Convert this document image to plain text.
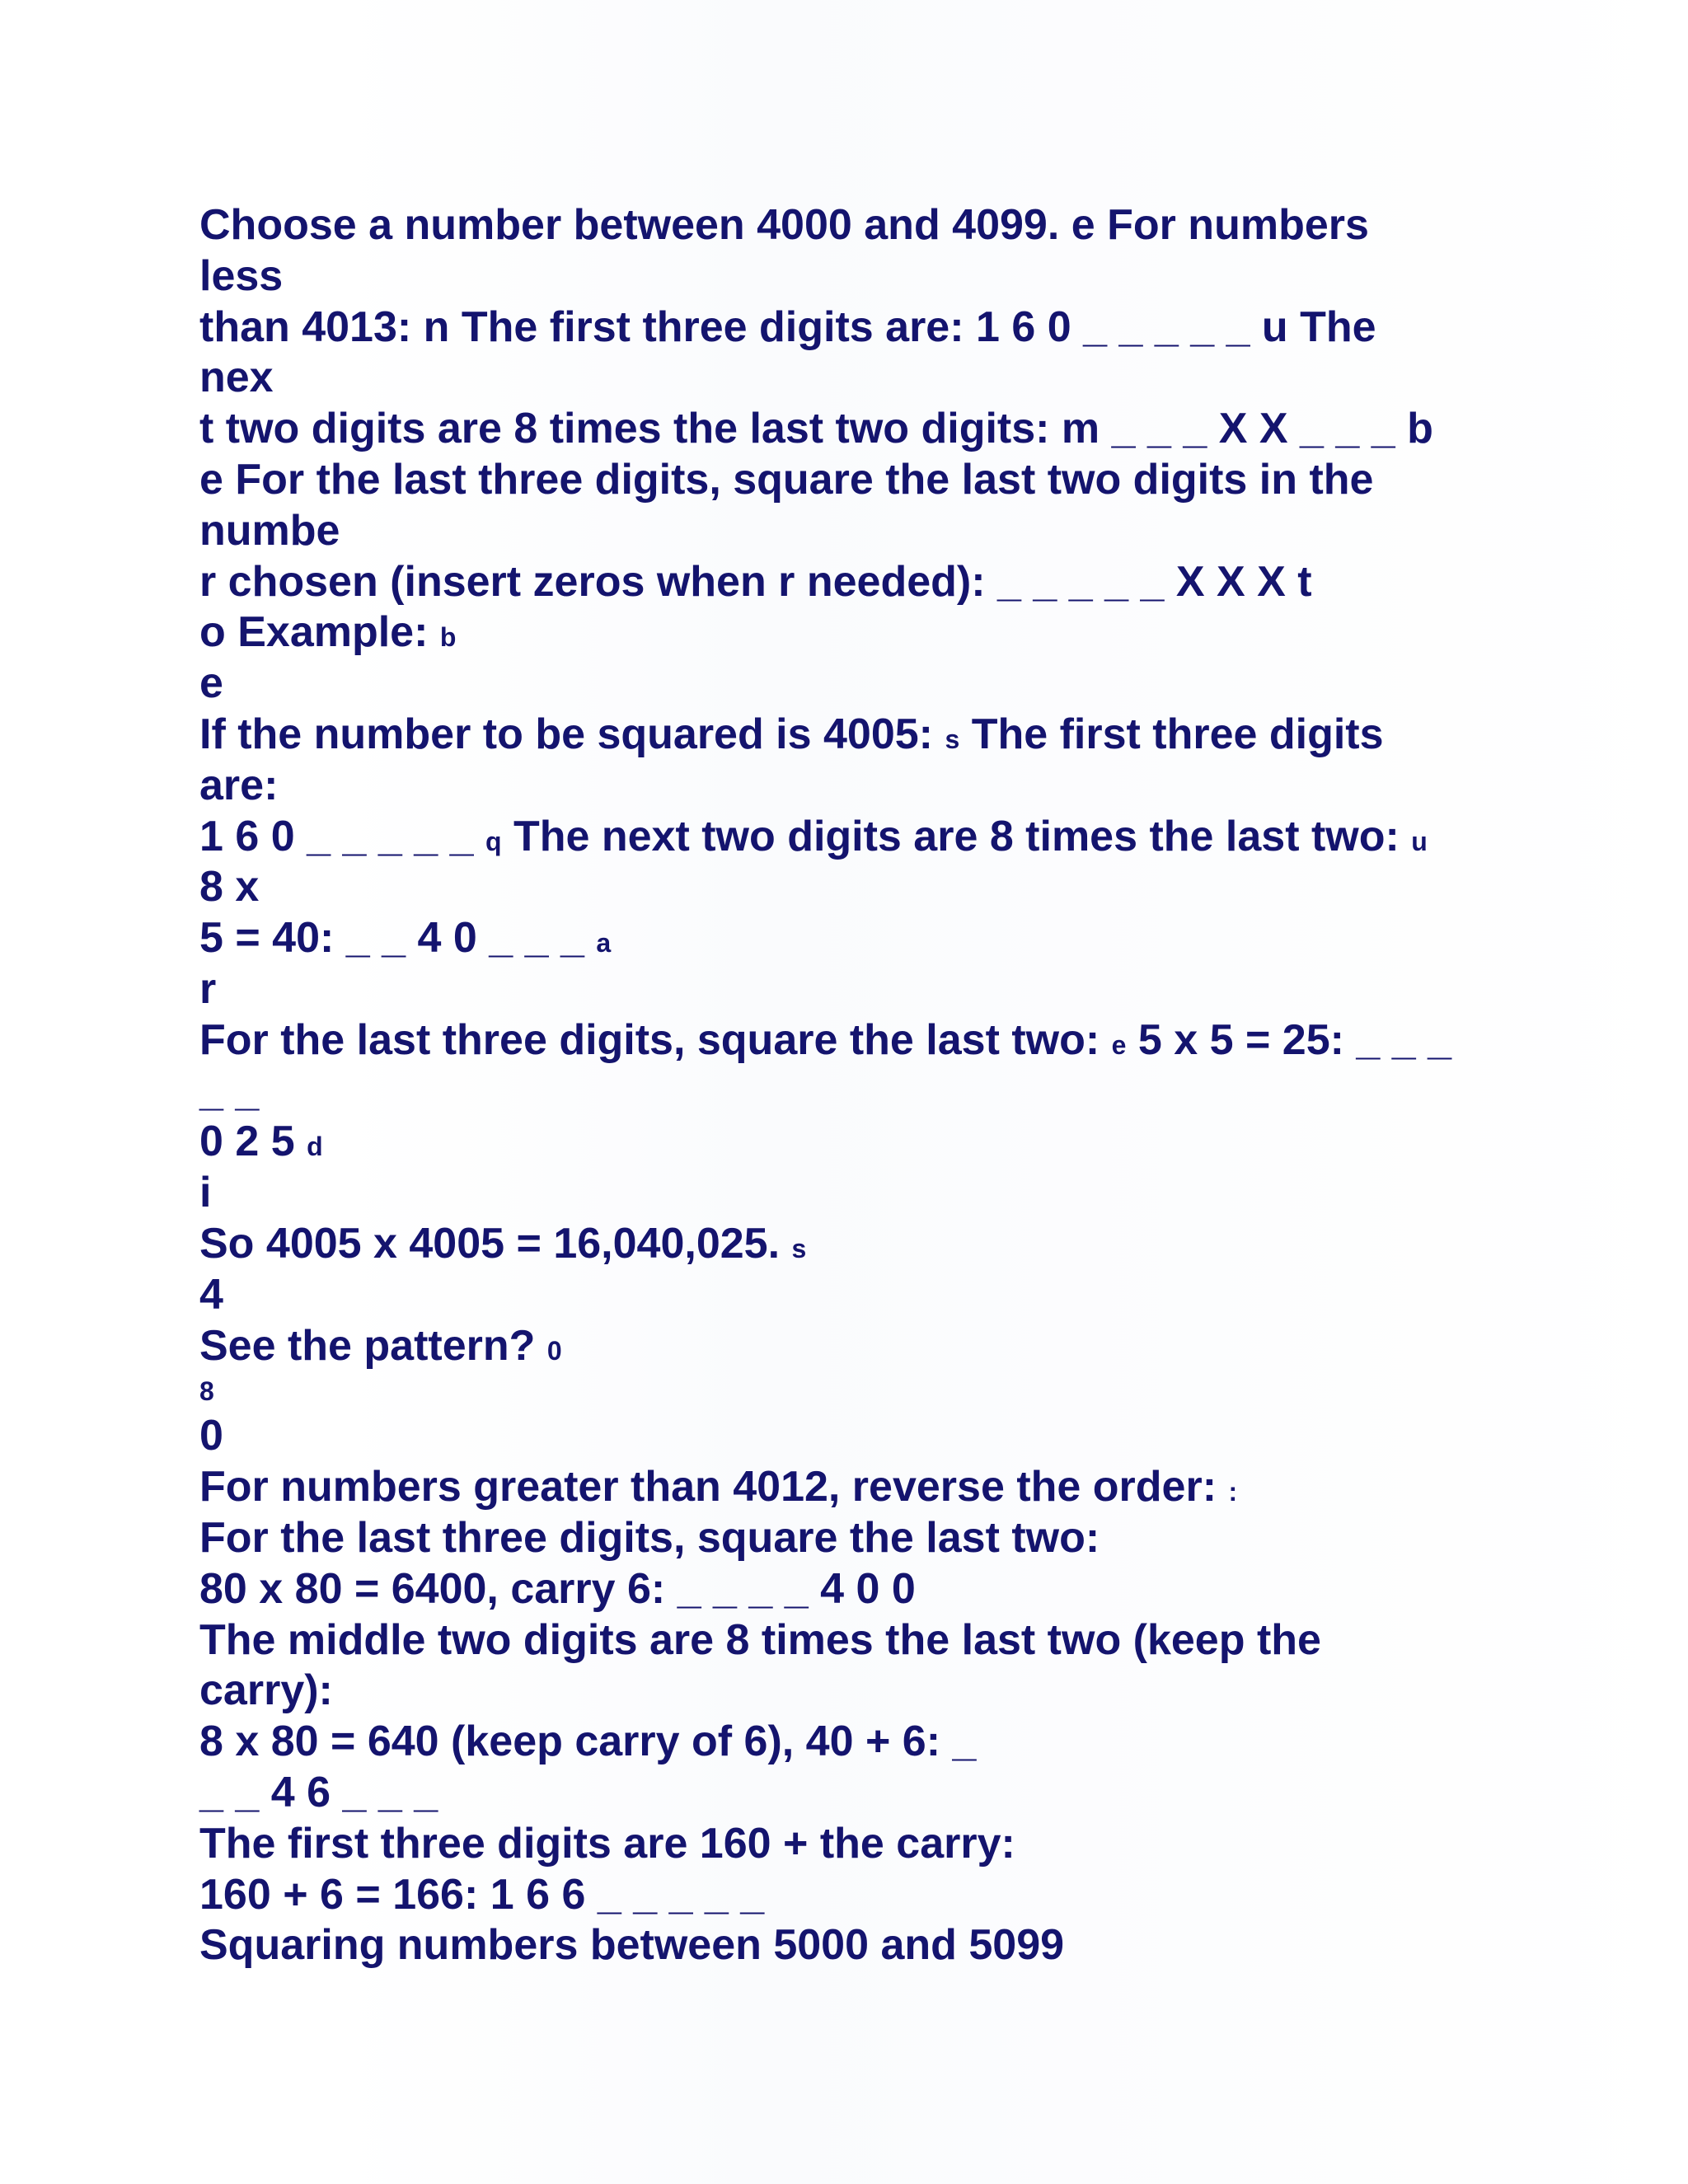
Choose a number between 4000 and 4099. e For numbers
less
than 4013: n The first three digits are: 1 6 0 _ _ _ _ _ u The
nex
t two digits are 8 times the last two digits: m _ _ _ X X _ _ _ b
e For the last three digits, square the last two digits in the
numbe
r chosen (insert zeros when r needed): _ _ _ _ _ X X X t
o Example: b
e
If the number to be squared is 4005: s The first three digits
are:
1 6 0 _ _ _ _ _ q The next two digits are 8 times the last two: u
8 x
5 = 40: _ _ 4 0 _ _ _ a
r
For the last three digits, square the last two: e 5 x 5 = 25: _ _ _
_ _
0 2 5 d
i
So 4005 x 4005 = 16,040,025. s
4
See the pattern? 0
8
0
For numbers greater than 4012, reverse the order: :
For the last three digits, square the last two:
80 x 80 = 6400, carry 6: _ _ _ _ 4 0 0
The middle two digits are 8 times the last two (keep the
carry):
8 x 80 = 640 (keep carry of 6), 40 + 6: _
_ _ 4 6 _ _ _
The first three digits are 160 + the carry:
160 + 6 = 166: 1 6 6 _ _ _ _ _
Squaring numbers between 5000 and 5099
